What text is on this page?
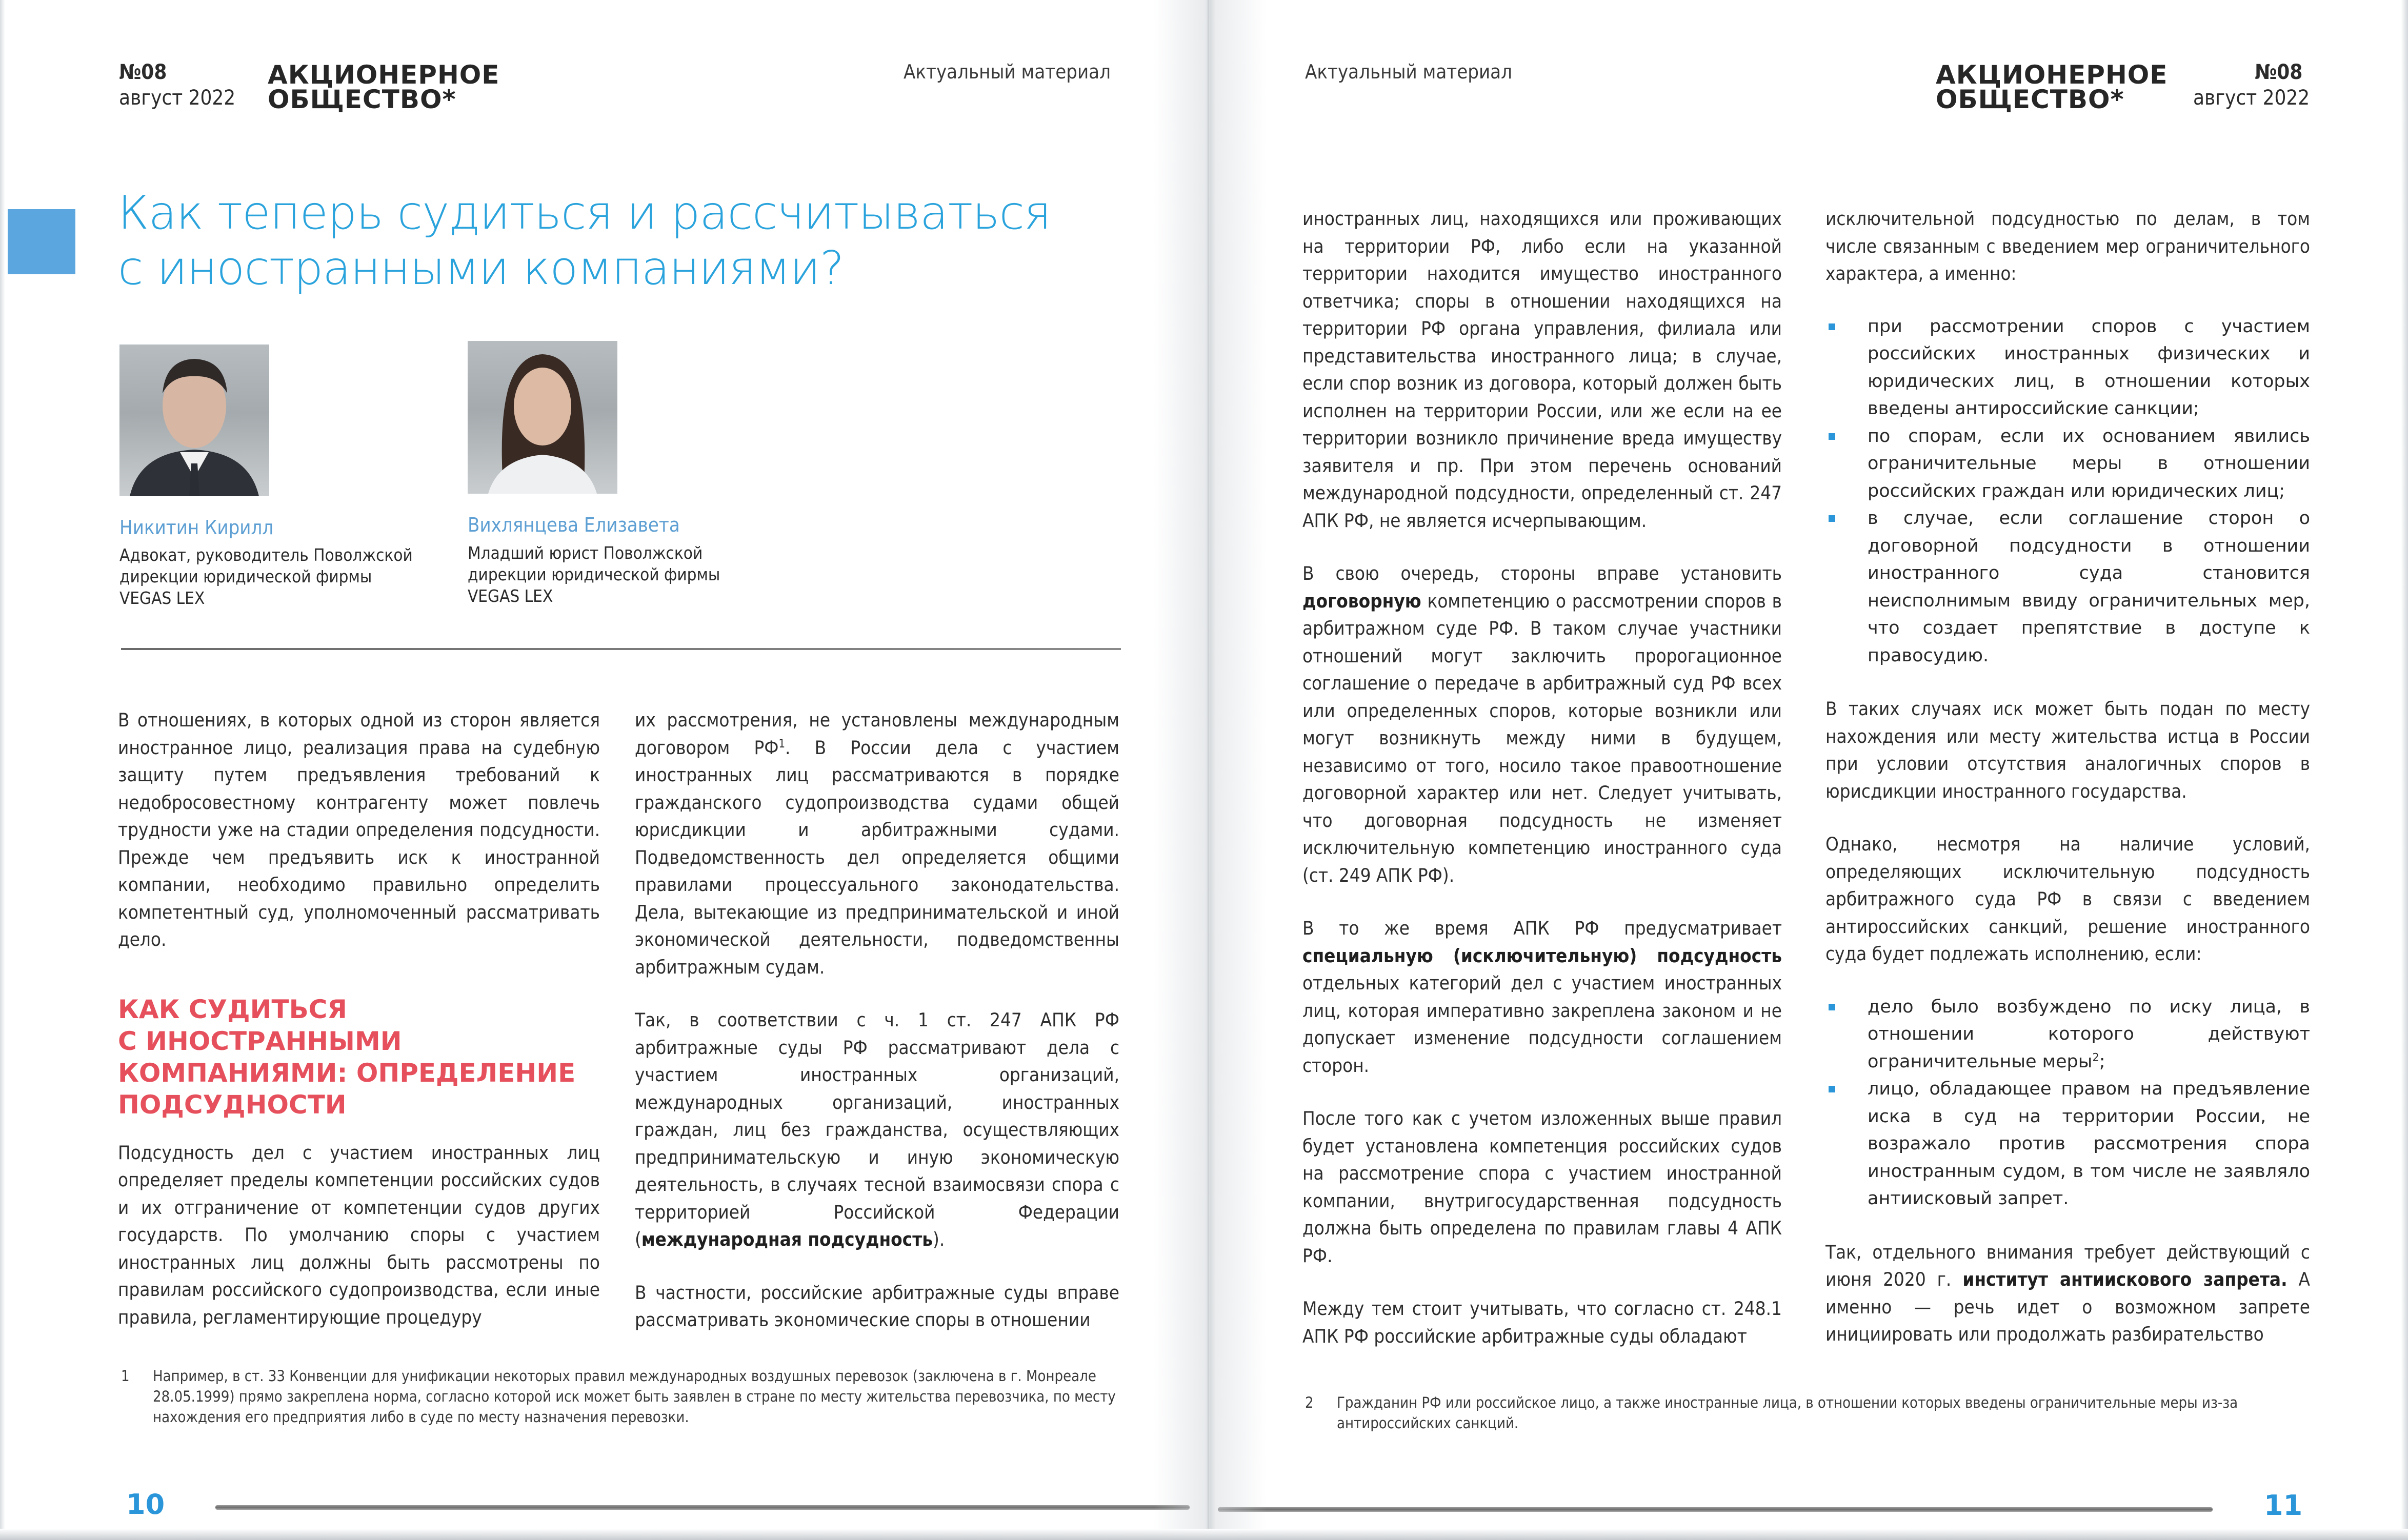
№08
август 2022
АКЦИОНЕРНОЕ
ОБЩЕСТВО*
Актуальный материал
Как теперь судиться и рассчитываться
с иностранными компаниями?
Никитин Кирилл
Адвокат, руководитель Поволжской
дирекции юридической фирмы
VEGAS LEX
Вихлянцева Елизавета
Младший юрист Поволжской
дирекции юридической фирмы
VEGAS LEX

В отношениях, в которых одной из сторон является иностранное лицо, реализация права на судебную защиту путем предъявления требований к недобросовестному контрагенту может повлечь трудности уже на стадии определения подсудности. Прежде чем предъявить иск к иностранной компании, необходимо правильно определить компетентный суд, уполномоченный рассматривать дело.

КАК СУДИТЬСЯ
С ИНОСТРАННЫМИ
КОМПАНИЯМИ: ОПРЕДЕЛЕНИЕ
ПОДСУДНОСТИ

Подсудность дел с участием иностранных лиц определяет пределы компетенции российских судов и их отграничение от компетенции судов других государств. По умолчанию споры с участием иностранных лиц должны быть рассмотрены по правилам российского судопроизводства, если иные правила, регламентирующие процедуру

их рассмотрения, не установлены международным договором $РФ^1$. В России дела с участием иностранных лиц рассматриваются в порядке гражданского судопроизводства судами общей юрисдикции и арбитражными судами. Подведомственность дел определяется общими правилами процессуального законодательства. Дела, вытекающие из предпринимательской и иной экономической деятельности, подведомственны арбитражным судам.

Так, в соответствии с ч. 1 ст. 247 АПК РФ арбитражные суды РФ рассматривают дела с участием иностранных организаций, международных организаций, иностранных граждан, лиц без гражданства, осуществляющих предпринимательскую и иную экономическую деятельность, в случаях тесной взаимосвязи спора с территорией Российской Федерации (международная подсудность).

В частности, российские арбитражные суды вправе рассматривать экономические споры в отношении

1 Например, в ст. 33 Конвенции для унификации некоторых правил международных воздушных перевозок (заключена в г. Монреале 28.05.1999) прямо закреплена норма, согласно которой иск может быть заявлен в стране по месту жительства перевозчика, по месту нахождения его предприятия либо в суде по месту назначения перевозки.
10
Актуальный материал	АКЦИОНЕРНОЕ
ОБЩЕСТВО*
№08
август 2022

иностранных лиц, находящихся или проживающих на территории РФ, либо если на указанной территории находится имущество иностранного ответчика; споры в отношении находящихся на территории РФ органа управления, филиала или представительства иностранного лица; в случае, если спор возник из договора, который должен быть исполнен на территории России, или же если на ее территории возникло причинение вреда имуществу заявителя и пр. При этом перечень оснований международной подсудности, определенный ст. 247 АПК РФ, не является исчерпывающим.

В свою очередь, стороны вправе установить договорную компетенцию о рассмотрении споров в арбитражном суде РФ. В таком случае участники отношений могут заключить пророгационное соглашение о передаче в арбитражный суд РФ всех или определенных споров, которые возникли или могут возникнуть между ними в будущем, независимо от того, носило такое правоотношение договорной характер или нет. Следует учитывать, что договорная подсудность не изменяет исключительную компетенцию иностранного суда (ст. 249 АПК РФ).

В то же время АПК РФ предусматривает специальную (исключительную) подсудность отдельных категорий дел с участием иностранных лиц, которая императивно закреплена законом и не допускает изменение подсудности соглашением сторон.

После того как с учетом изложенных выше правил будет установлена компетенция российских судов на рассмотрение спора с участием иностранной компании, внутригосударственная подсудность должна быть определена по правилам главы 4 АПК РФ.

Между тем стоит учитывать, что согласно ст. 248.1 АПК РФ российские арбитражные суды обладают

исключительной подсудностью по делам, в том числе связанным с введением мер ограничительного характера, а именно:

при рассмотрении споров с участием российских иностранных физических и юридических лиц, в отношении которых введены антироссийские санкции;
по спорам, если их основанием явились ограничительные меры в отношении российских граждан или юридических лиц;
в случае, если соглашение сторон о договорной подсудности в отношении иностранного суда становится неисполнимым ввиду ограничительных мер, что создает препятствие в доступе к правосудию.

В таких случаях иск может быть подан по месту нахождения или месту жительства истца в России при условии отсутствия аналогичных споров в юрисдикции иностранного государства.

Однако, несмотря на наличие условий, определяющих исключительную подсудность арбитражного суда РФ в связи с введением антироссийских санкций, решение иностранного суда будет подлежать исполнению, если:

дело было возбуждено по иску лица, в отношении которого действуют ограничительные меры$^2$;
лицо, обладающее правом на предъявление иска в суд на территории России, не возражало против рассмотрения спора иностранным судом, в том числе не заявляло антиисковый запрет.

Так, отдельного внимания требует действующий с июня 2020 г. институт антиискового запрета. А именно — речь идет о возможном запрете инициировать или продолжать разбирательство

2 Гражданин РФ или российское лицо, а также иностранные лица, в отношении которых введены ограничительные меры из-за антироссийских санкций.
11
